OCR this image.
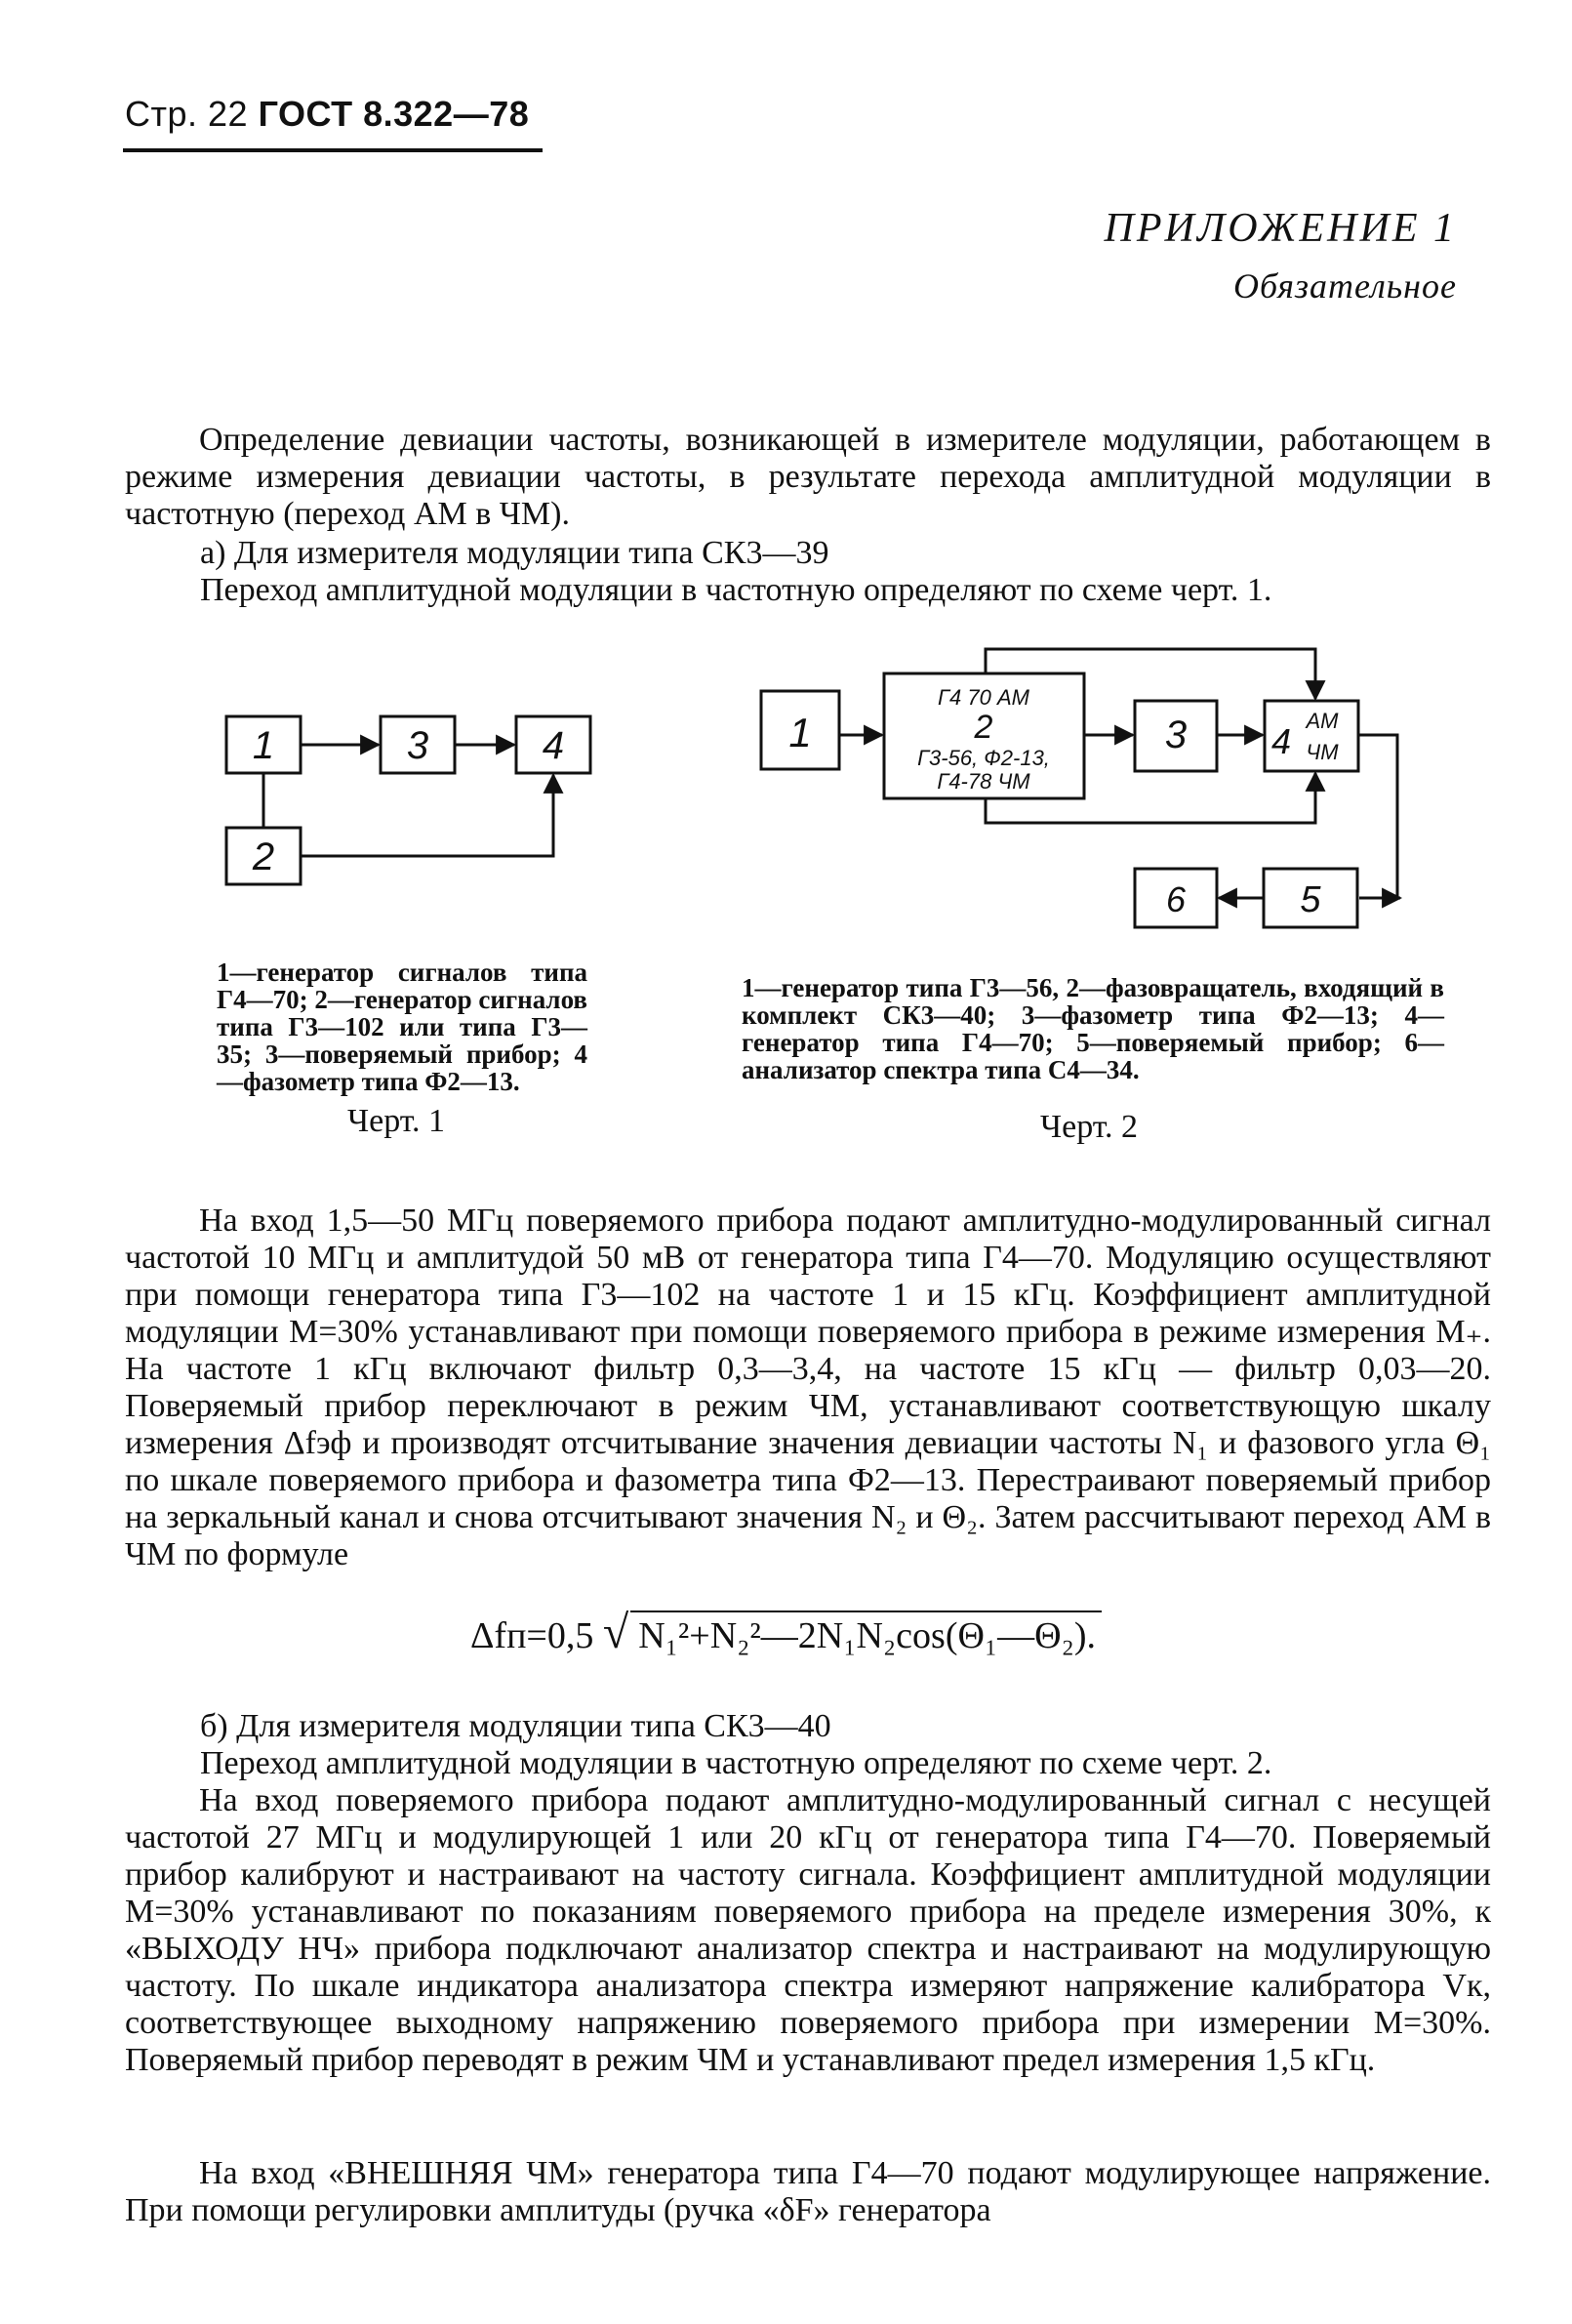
Стр. 22 ГОСТ 8.322—78
ПРИЛОЖЕНИЕ 1
Обязательное
Определение девиации частоты, возникающей в измерителе модуляции, работающем в режиме измерения девиации частоты, в результате перехода амплитудной модуляции в частотную (переход АМ в ЧМ).
а) Для измерителя модуляции типа СК3—39
Переход амплитудной модуляции в частотную определяют по схеме черт. 1.
1	3	4
2
1
Г4 70 АМ
2
Г3-56, Ф2-13,
Г4-78 ЧМ
3 4
АМ
ЧМ
5
6
1—генератор сигналов типа Г4—70; 2—генератор сигналов типа Г3—102 или типа Г3—35; 3—поверяемый прибор; 4—фазометр типа Ф2—13.
Черт. 1
1—генератор типа Г3—56, 2—фазовращатель, входящий в комплект СК3—40; 3—фазометр типа Ф2—13; 4—генератор типа Г4—70; 5—поверяемый прибор; 6—анализатор спектра типа С4—34.
Черт. 2
На вход 1,5—50 МГц поверяемого прибора подают амплитудно-модулированный сигнал частотой 10 МГц и амплитудой 50 мВ от генератора типа Г4—70. Модуляцию осуществляют при помощи генератора типа Г3—102 на частоте 1 и 15 кГц. Коэффициент амплитудной модуляции М=30% устанавливают при помощи поверяемого прибора в режиме измерения М₊. На частоте 1 кГц включают фильтр 0,3—3,4, на частоте 15 кГц — фильтр 0,03—20. Поверяемый прибор переключают в режим ЧМ, устанавливают соответствующую шкалу измерения Δfэф и производят отсчитывание значения девиации частоты N₁ и фазового угла Θ₁ по шкале поверяемого прибора и фазометра типа Ф2—13. Перестраивают поверяемый прибор на зеркальный канал и снова отсчитывают значения N₂ и Θ₂. Затем рассчитывают переход АМ в ЧМ по формуле
Δfп=0,5 √ N₁²+N₂²—2N₁N₂cos(Θ₁—Θ₂).
б) Для измерителя модуляции типа СК3—40
Переход амплитудной модуляции в частотную определяют по схеме черт. 2.
На вход поверяемого прибора подают амплитудно-модулированный сигнал с несущей частотой 27 МГц и модулирующей 1 или 20 кГц от генератора типа Г4—70. Поверяемый прибор калибруют и настраивают на частоту сигнала. Коэффициент амплитудной модуляции М=30% устанавливают по показаниям поверяемого прибора на пределе измерения 30%, к «ВЫХОДУ НЧ» прибора подключают анализатор спектра и настраивают на модулирующую частоту. По шкале индикатора анализатора спектра измеряют напряжение калибратора Vк, соответствующее выходному напряжению поверяемого прибора при измерении М=30%. Поверяемый прибор переводят в режим ЧМ и устанавливают предел измерения 1,5 кГц.
На вход «ВНЕШНЯЯ ЧМ» генератора типа Г4—70 подают модулирующее напряжение. При помощи регулировки амплитуды (ручка «δF» генератора
